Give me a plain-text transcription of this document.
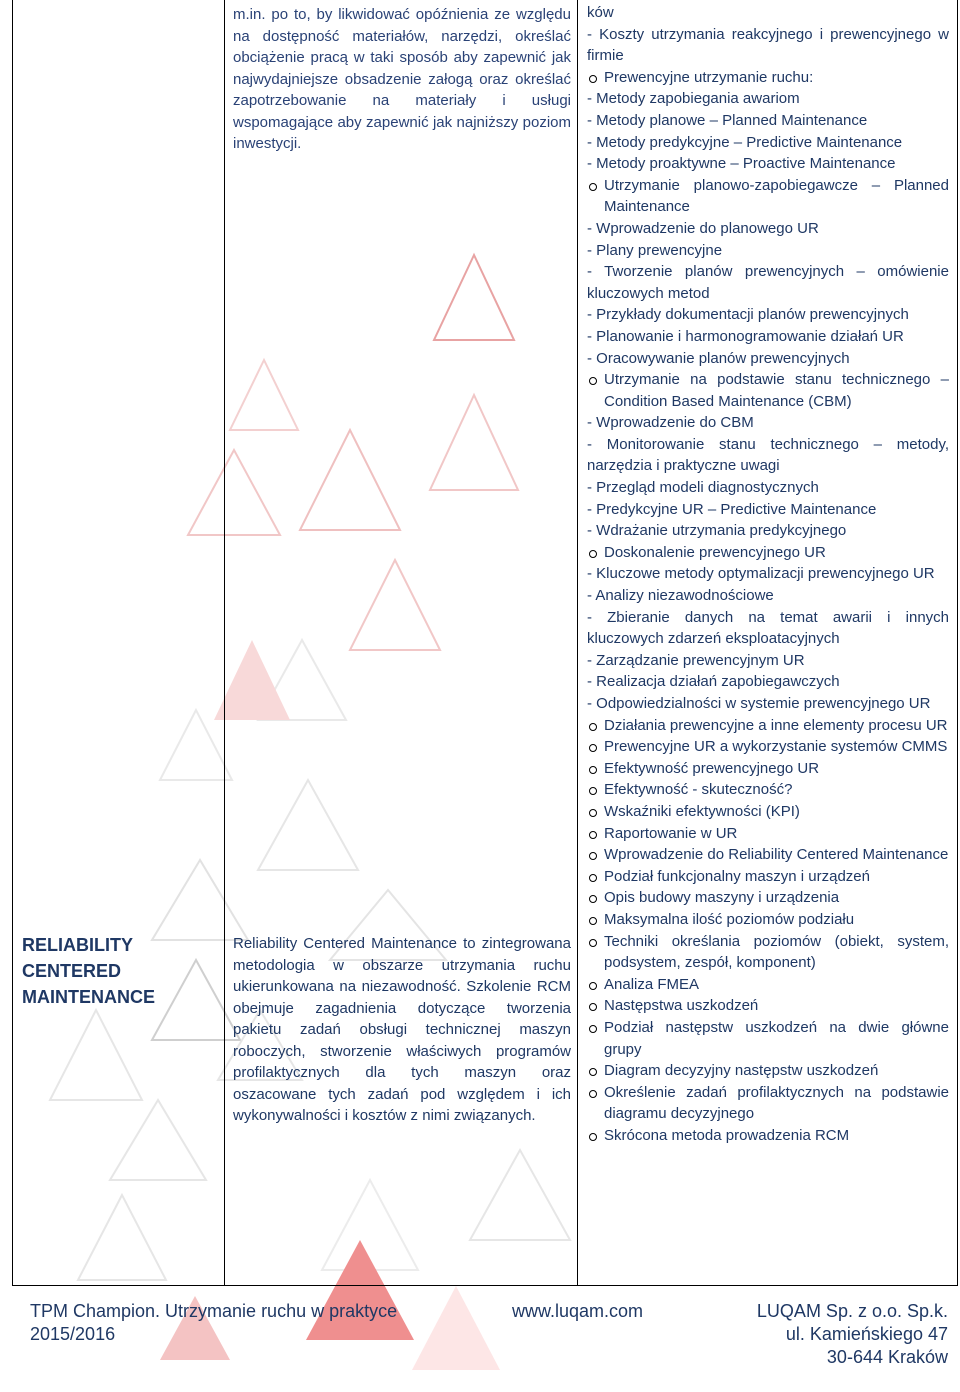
RELIABILITY
CENTERED
MAINTENANCE
m.in. po to, by likwidować opóźnienia ze względu na dostępność materiałów, narzędzi, określać obciążenie pracą w taki sposób aby zapewnić jak najwydajniejsze obsadzenie załogą oraz określać zapotrzebowanie na materiały i usługi wspomagające aby zapewnić jak najniższy poziom inwestycji.
Reliability Centered Maintenance to zintegrowana metodologia w obszarze utrzymania ruchu ukierunkowana na niezawodność. Szkolenie RCM obejmuje zagadnienia dotyczące tworzenia pakietu zadań obsługi technicznej maszyn roboczych, stworzenie właściwych programów profilaktycznych dla tych maszyn oraz oszacowane tych zadań pod względem i ich wykonywalności i kosztów z nimi związanych.
ków
- Koszty utrzymania reakcyjnego i prewencyjnego w firmie
Prewencyjne utrzymanie ruchu:
- Metody zapobiegania awariom
- Metody planowe – Planned Maintenance
- Metody predykcyjne – Predictive Maintenance
- Metody proaktywne – Proactive Maintenance
Utrzymanie planowo-zapobiegawcze – Planned Maintenance
- Wprowadzenie do planowego UR
- Plany prewencyjne
- Tworzenie planów prewencyjnych – omówienie kluczowych metod
- Przykłady dokumentacji planów prewencyjnych
- Planowanie i harmonogramowanie działań UR
- Oracowywanie planów prewencyjnych
Utrzymanie na podstawie stanu technicznego – Condition Based Maintenance (CBM)
- Wprowadzenie do CBM
- Monitorowanie stanu technicznego – metody, narzędzia i praktyczne uwagi
- Przegląd modeli diagnostycznych
- Predykcyjne UR – Predictive Maintenance
- Wdrażanie utrzymania predykcyjnego
Doskonalenie prewencyjnego UR
- Kluczowe metody optymalizacji prewencyjnego UR
- Analizy niezawodnościowe
- Zbieranie danych na temat awarii i innych kluczowych zdarzeń eksploatacyjnych
- Zarządzanie prewencyjnym UR
- Realizacja działań zapobiegawczych
- Odpowiedzialności w systemie prewencyjnego UR
Działania prewencyjne a inne elementy procesu UR
Prewencyjne UR a wykorzystanie systemów CMMS
Efektywność prewencyjnego UR
Efektywność - skuteczność?
Wskaźniki efektywności (KPI)
Raportowanie w UR
Wprowadzenie do Reliability Centered Maintenance
Podział funkcjonalny maszyn i urządzeń
Opis budowy maszyny i urządzenia
Maksymalna ilość poziomów podziału
Techniki określania poziomów (obiekt, system, podsystem, zespół, komponent)
Analiza FMEA
Następstwa uszkodzeń
Podział następstw uszkodzeń na dwie główne grupy
Diagram decyzyjny następstw uszkodzeń
Określenie zadań profilaktycznych na podstawie diagramu decyzyjnego
Skrócona metoda prowadzenia RCM
TPM Champion. Utrzymanie ruchu w praktyce
2015/2016
www.luqam.com	LUQAM Sp. z o.o. Sp.k.
ul. Kamieńskiego 47
30-644 Kraków
